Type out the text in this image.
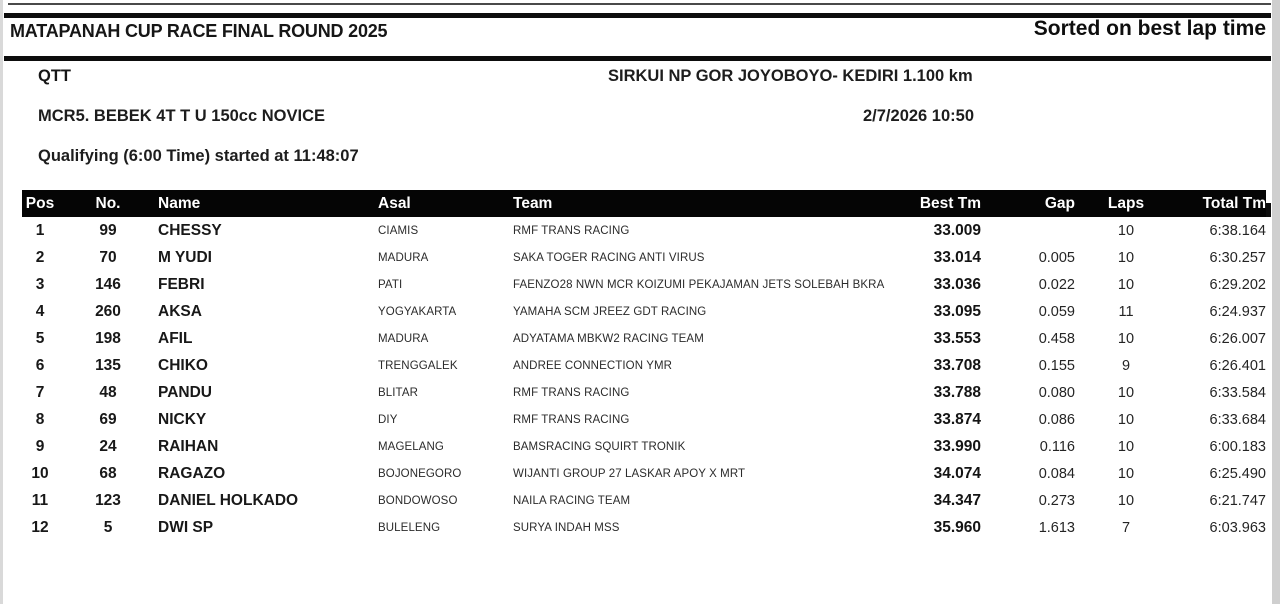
MATAPANAH CUP RACE FINAL ROUND 2025	Sorted on best lap time
QTT	SIRKUI NP GOR JOYOBOYO- KEDIRI 1.100 km
MCR5. BEBEK 4T T U 150cc NOVICE	2/7/2026 10:50
Qualifying (6:00 Time) started at 11:48:07
Pos	No.	Name	Asal	Team	Best Tm	Gap	Laps	Total Tm
1	99	CHESSY	CIAMIS	RMF TRANS RACING	33.009		10	6:38.164
2	70	M YUDI	MADURA	SAKA TOGER RACING ANTI VIRUS	33.014	0.005	10	6:30.257
3	146	FEBRI	PATI	FAENZO28 NWN MCR KOIZUMI PEKAJAMAN JETS SOLEBAH BKRA	33.036	0.022	10	6:29.202
4	260	AKSA	YOGYAKARTA	YAMAHA SCM JREEZ GDT RACING	33.095	0.059	11	6:24.937
5	198	AFIL	MADURA	ADYATAMA MBKW2 RACING TEAM	33.553	0.458	10	6:26.007
6	135	CHIKO	TRENGGALEK	ANDREE CONNECTION YMR	33.708	0.155	9	6:26.401
7	48	PANDU	BLITAR	RMF TRANS RACING	33.788	0.080	10	6:33.584
8	69	NICKY	DIY	RMF TRANS RACING	33.874	0.086	10	6:33.684
9	24	RAIHAN	MAGELANG	BAMSRACING SQUIRT TRONIK	33.990	0.116	10	6:00.183
10	68	RAGAZO	BOJONEGORO	WIJANTI GROUP 27 LASKAR APOY X MRT	34.074	0.084	10	6:25.490
11	123	DANIEL HOLKADO	BONDOWOSO	NAILA RACING TEAM	34.347	0.273	10	6:21.747
12	5	DWI SP	BULELENG	SURYA INDAH MSS	35.960	1.613	7	6:03.963
